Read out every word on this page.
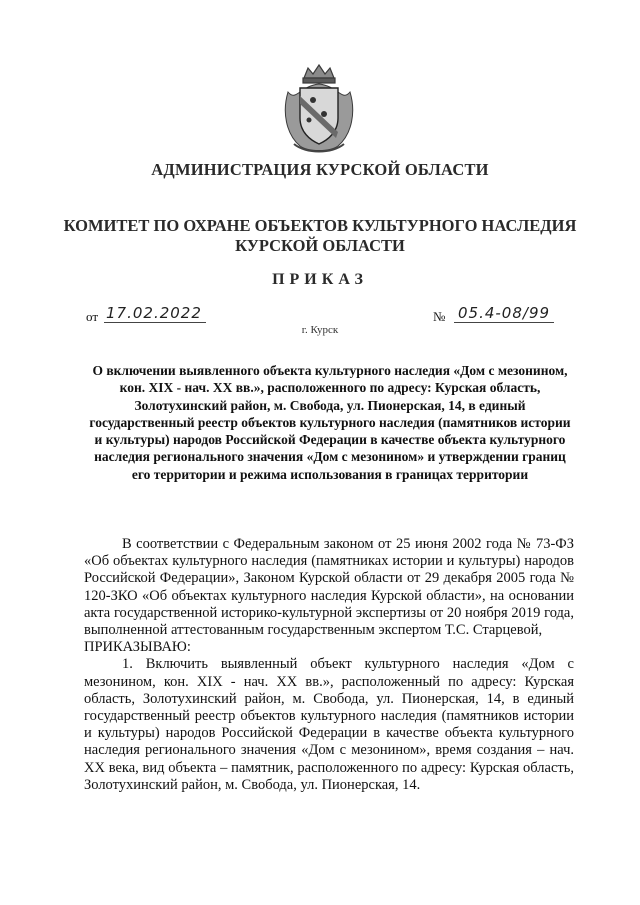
АДМИНИСТРАЦИЯ КУРСКОЙ ОБЛАСТИ
КОМИТЕТ ПО ОХРАНЕ ОБЪЕКТОВ КУЛЬТУРНОГО НАСЛЕДИЯ
КУРСКОЙ ОБЛАСТИ
ПРИКАЗ
от 17.02.2022	№ 05.4-08/99
г. Курск
О включении выявленного объекта культурного наследия «Дом с мезонином, кон. XIX - нач. XX вв.», расположенного по адресу: Курская область, Золотухинский район, м. Свобода, ул. Пионерская, 14, в единый государственный реестр объектов культурного наследия (памятников истории и культуры) народов Российской Федерации в качестве объекта культурного наследия регионального значения «Дом с мезонином» и утверждении границ его территории и режима использования в границах территории

В соответствии с Федеральным законом от 25 июня 2002 года № 73-ФЗ «Об объектах культурного наследия (памятниках истории и культуры) народов Российской Федерации», Законом Курской области от 29 декабря 2005 года № 120-ЗКО «Об объектах культурного наследия Курской области», на основании акта государственной историко-культурной экспертизы от 20 ноября 2019 года, выполненной аттестованным государственным экспертом Т.С. Старцевой,

ПРИКАЗЫВАЮ:

1. Включить выявленный объект культурного наследия «Дом с мезонином, кон. XIX - нач. XX вв.», расположенный по адресу: Курская область, Золотухинский район, м. Свобода, ул. Пионерская, 14, в единый государственный реестр объектов культурного наследия (памятников истории и культуры) народов Российской Федерации в качестве объекта культурного наследия регионального значения «Дом с мезонином», время создания – нач. XX века, вид объекта – памятник, расположенного по адресу: Курская область, Золотухинский район, м. Свобода, ул. Пионерская, 14.
